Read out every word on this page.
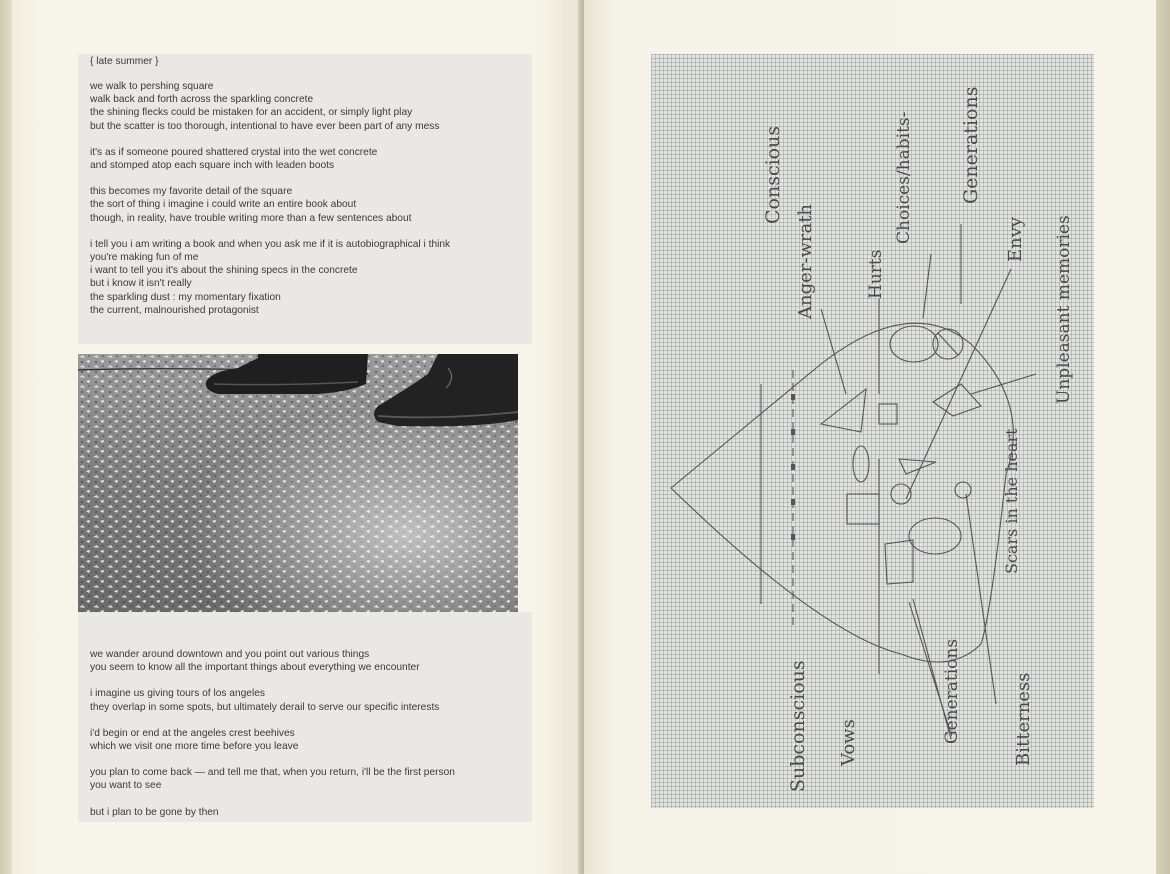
{ late summer }
we walk to pershing square
walk back and forth across the sparkling concrete
the shining flecks could be mistaken for an accident, or simply light play
but the scatter is too thorough, intentional to have ever been part of any mess
it's as if someone poured shattered crystal into the wet concrete
and stomped atop each square inch with leaden boots
this becomes my favorite detail of the square
the sort of thing i imagine i could write an entire book about
though, in reality, have trouble writing more than a few sentences about
i tell you i am writing a book and when you ask me if it is autobiographical i think
you're making fun of me
i want to tell you it's about the shining specs in the concrete
but i know it isn't really
the sparkling dust : my momentary fixation
the current, malnourished protagonist
we wander around downtown and you point out various things
you seem to know all the important things about everything we encounter
i imagine us giving tours of los angeles
they overlap in some spots, but ultimately derail to serve our specific interests
i'd begin or end at the angeles crest beehives
which we visit one more time before you leave
you plan to come back — and tell me that, when you return, i'll be the first person
you want to see
but i plan to be gone by then
Conscious
Anger-wrath	Hurts
Choices/habits- Generations
Envy Unpleasant memories
Scars in the heart
Subconscious Vows	Generations	Bitterness
